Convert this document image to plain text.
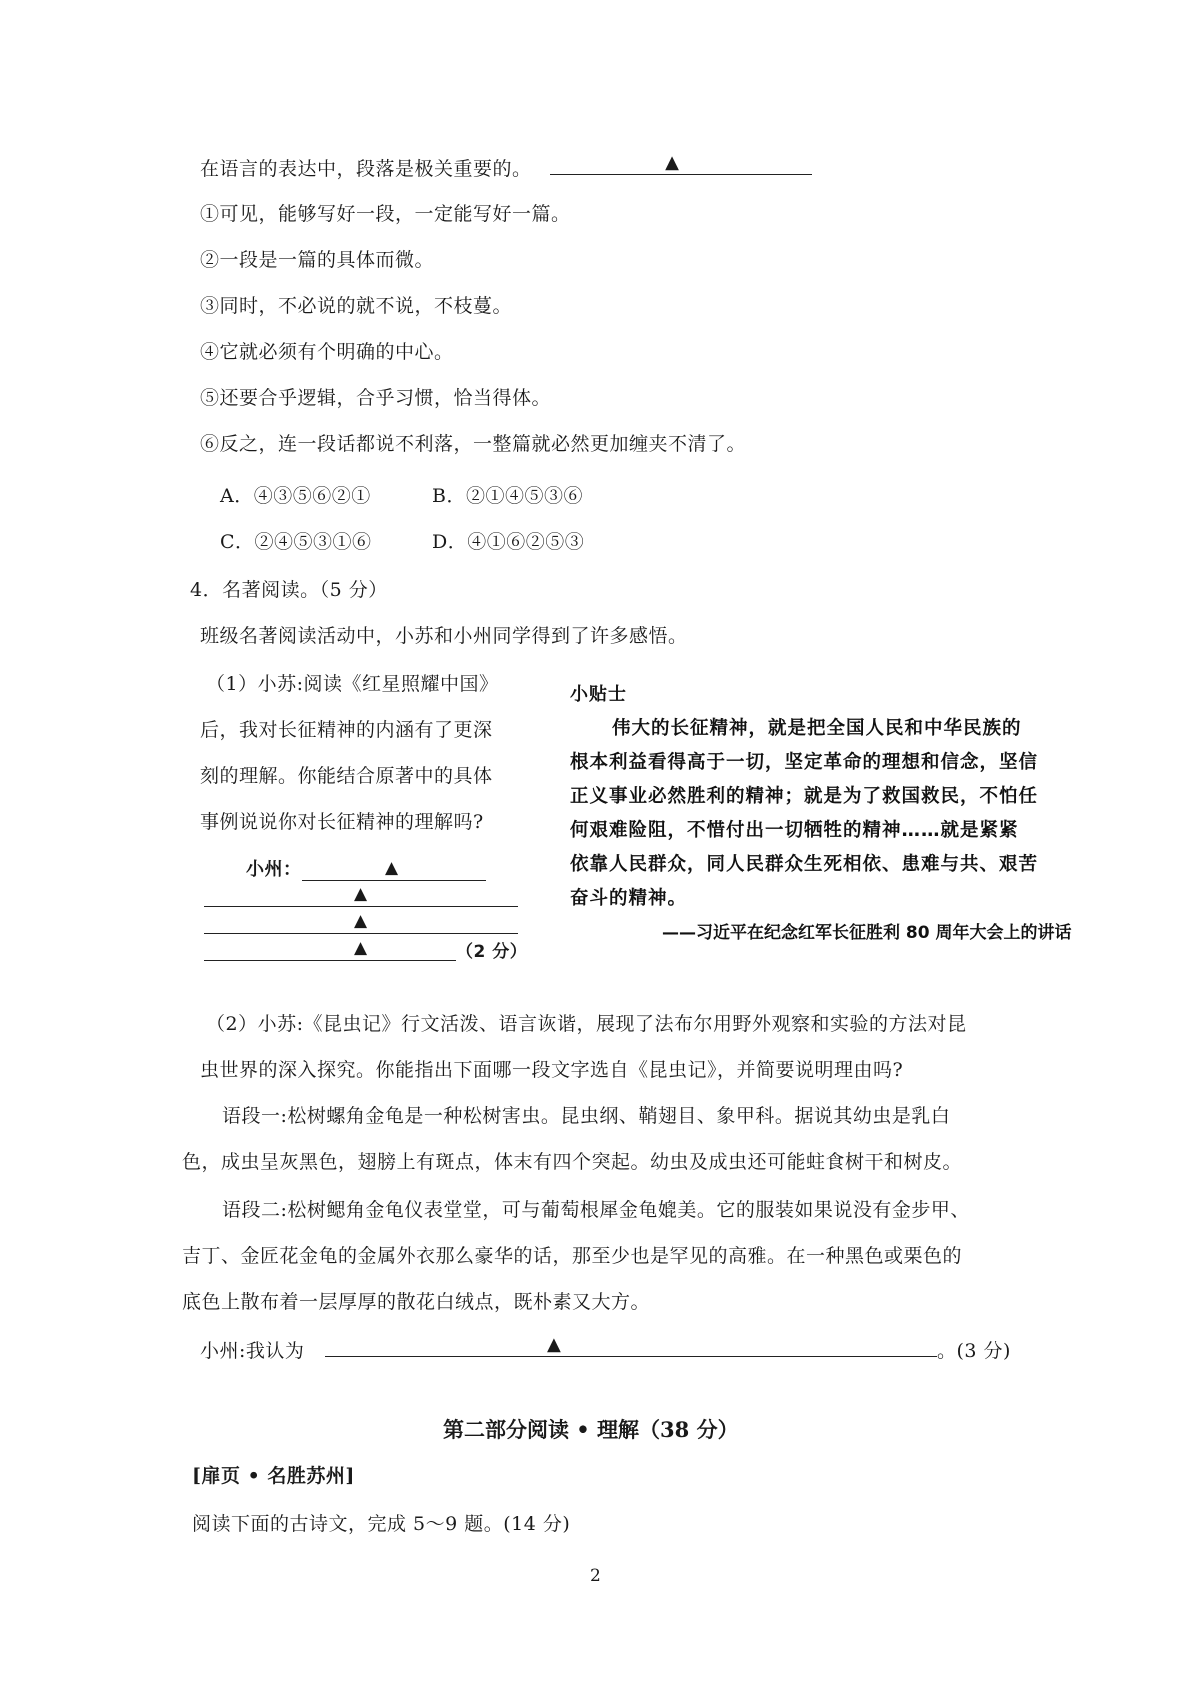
在语言的表达中，段落是极关重要的。	▲
①可见，能够写好一段，一定能写好一篇。
②一段是一篇的具体而微。
③同时，不必说的就不说，不枝蔓。
④它就必须有个明确的中心。
⑤还要合乎逻辑，合乎习惯，恰当得体。
⑥反之，连一段话都说不利落，一整篇就必然更加缠夹不清了。
A．④③⑤⑥②①	B．②①④⑤③⑥
C．②④⑤③①⑥	D．④①⑥②⑤③
4．名著阅读。（5 分）
班级名著阅读活动中，小苏和小州同学得到了许多感悟。
（1）小苏:阅读《红星照耀中国》
后，我对长征精神的内涵有了更深
刻的理解。你能结合原著中的具体
事例说说你对长征精神的理解吗?
小州：	▲
▲
▲
▲	（2 分）
小贴士
伟大的长征精神，就是把全国人民和中华民族的
根本利益看得高于一切，坚定革命的理想和信念，坚信
正义事业必然胜利的精神；就是为了救国救民，不怕任
何艰难险阻，不惜付出一切牺牲的精神……就是紧紧
依靠人民群众，同人民群众生死相依、患难与共、艰苦
奋斗的精神。
——习近平在纪念红军长征胜利 80 周年大会上的讲话
（2）小苏:《昆虫记》行文活泼、语言诙谐，展现了法布尔用野外观察和实验的方法对昆
虫世界的深入探究。你能指出下面哪一段文字选自《昆虫记》，并简要说明理由吗?
语段一:松树螺角金龟是一种松树害虫。昆虫纲、鞘翅目、象甲科。据说其幼虫是乳白
色，成虫呈灰黑色，翅膀上有斑点，体末有四个突起。幼虫及成虫还可能蛀食树干和树皮。
语段二:松树鳃角金龟仪表堂堂，可与葡萄根犀金龟媲美。它的服装如果说没有金步甲、
吉丁、金匠花金龟的金属外衣那么豪华的话，那至少也是罕见的高雅。在一种黑色或栗色的
底色上散布着一层厚厚的散花白绒点，既朴素又大方。
小州:我认为	▲	。(3 分)
第二部分阅读 • 理解（38 分）
[扉页 • 名胜苏州]
阅读下面的古诗文，完成 5～9 题。(14 分)
2
